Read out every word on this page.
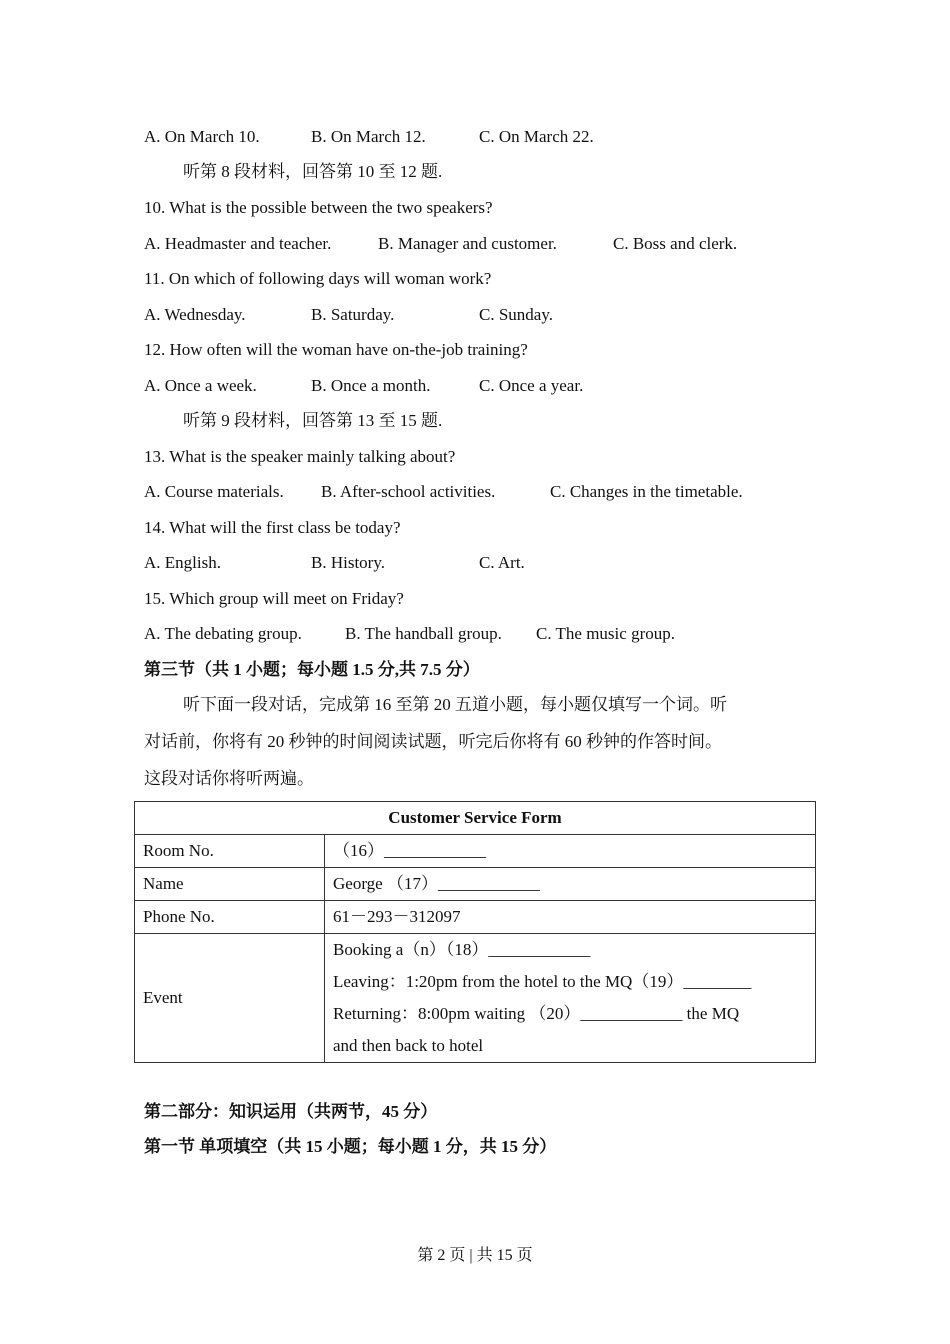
A. On March 10.	B. On March 12.	C. On March 22.
听第 8 段材料，回答第 10 至 12 题.
10. What is the possible between the two speakers?
A. Headmaster and teacher.	B. Manager and customer.	C. Boss and clerk.
11. On which of following days will woman work?
A. Wednesday.	B. Saturday.	C. Sunday.
12. How often will the woman have on-the-job training?
A. Once a week.	B. Once a month.	C. Once a year.
听第 9 段材料，回答第 13 至 15 题.
13. What is the speaker mainly talking about?
A. Course materials. B. After-school activities.	C. Changes in the timetable.
14. What will the first class be today?
A. English.	B. History.	C. Art.
15. Which group will meet on Friday?
A. The debating group.	B. The handball group. C. The music group.
第三节（共 1 小题；每小题 1.5 分,共 7.5 分）
听下面一段对话，完成第 16 至第 20 五道小题，每小题仅填写一个词。听
对话前，你将有 20 秒钟的时间阅读试题，听完后你将有 60 秒钟的作答时间。
这段对话你将听两遍。
Customer Service Form	
Room No.	（16）____________
Name	George （17）____________
Phone No.	61－293－312097
Event	Booking a（n）（18）____________
Leaving：1:20pm from the hotel to the MQ（19）________
Returning：8:00pm waiting （20）____________ the MQ
and then back to hotel
第二部分：知识运用（共两节，45 分）
第一节 单项填空（共 15 小题；每小题 1 分，共 15 分）
第 2 页 | 共 15 页
